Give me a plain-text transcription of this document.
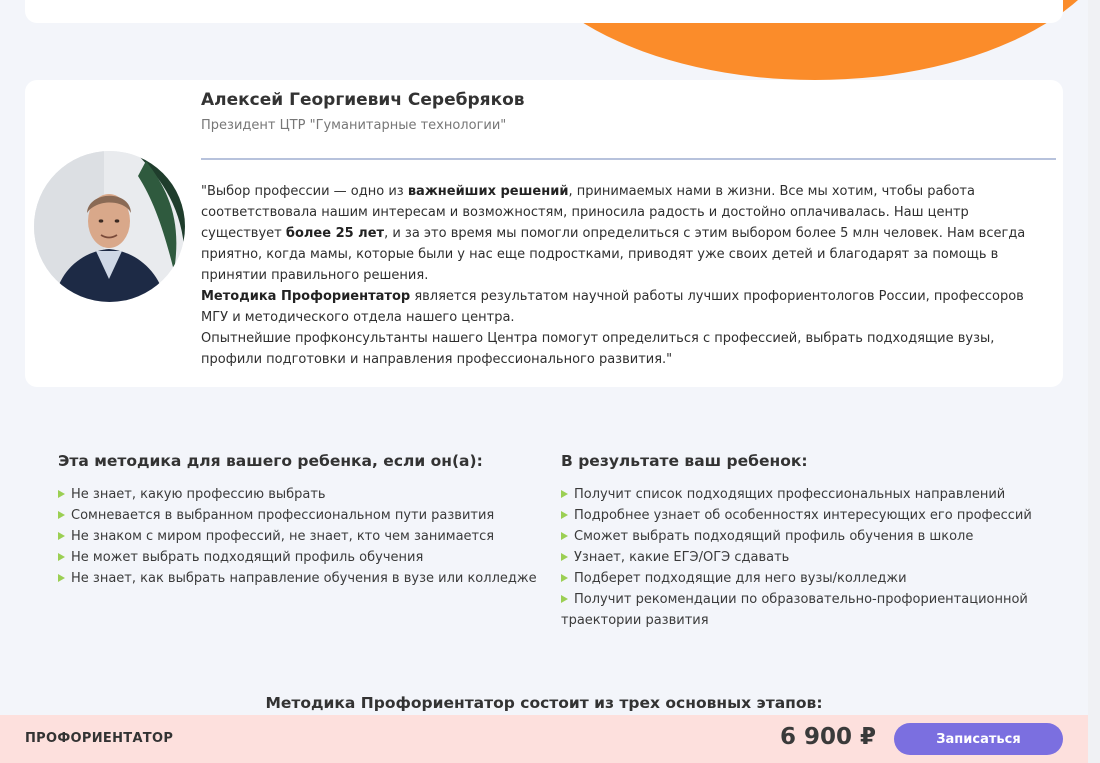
Алексей Георгиевич Серебряков
Президент ЦТР "Гуманитарные технологии"
"Выбор профессии — одно из важнейших решений, принимаемых нами в жизни. Все мы хотим, чтобы работа соответствовала нашим интересам и возможностям, приносила радость и достойно оплачивалась. Наш центр существует более 25 лет, и за это время мы помогли определиться с этим выбором более 5 млн человек. Нам всегда приятно, когда мамы, которые были у нас еще подростками, приводят уже своих детей и благодарят за помощь в принятии правильного решения.
Методика Профориентатор является результатом научной работы лучших профориентологов России, профессоров МГУ и методического отдела нашего центра.
Опытнейшие профконсультанты нашего Центра помогут определиться с профессией, выбрать подходящие вузы, профили подготовки и направления профессионального развития."
Эта методика для вашего ребенка, если он(а):
Не знает, какую профессию выбрать
Сомневается в выбранном профессиональном пути развития
Не знаком с миром профессий, не знает, кто чем занимается
Не может выбрать подходящий профиль обучения
Не знает, как выбрать направление обучения в вузе или колледже
В результате ваш ребенок:
Получит список подходящих профессиональных направлений
Подробнее узнает об особенностях интересующих его профессий
Сможет выбрать подходящий профиль обучения в школе
Узнает, какие ЕГЭ/ОГЭ сдавать
Подберет подходящие для него вузы/колледжи
Получит рекомендации по образовательно-профориентационной траектории развития
Методика Профориентатор состоит из трех основных этапов:
ПРОФОРИЕНТАТОР	6 900 ₽	Записаться
